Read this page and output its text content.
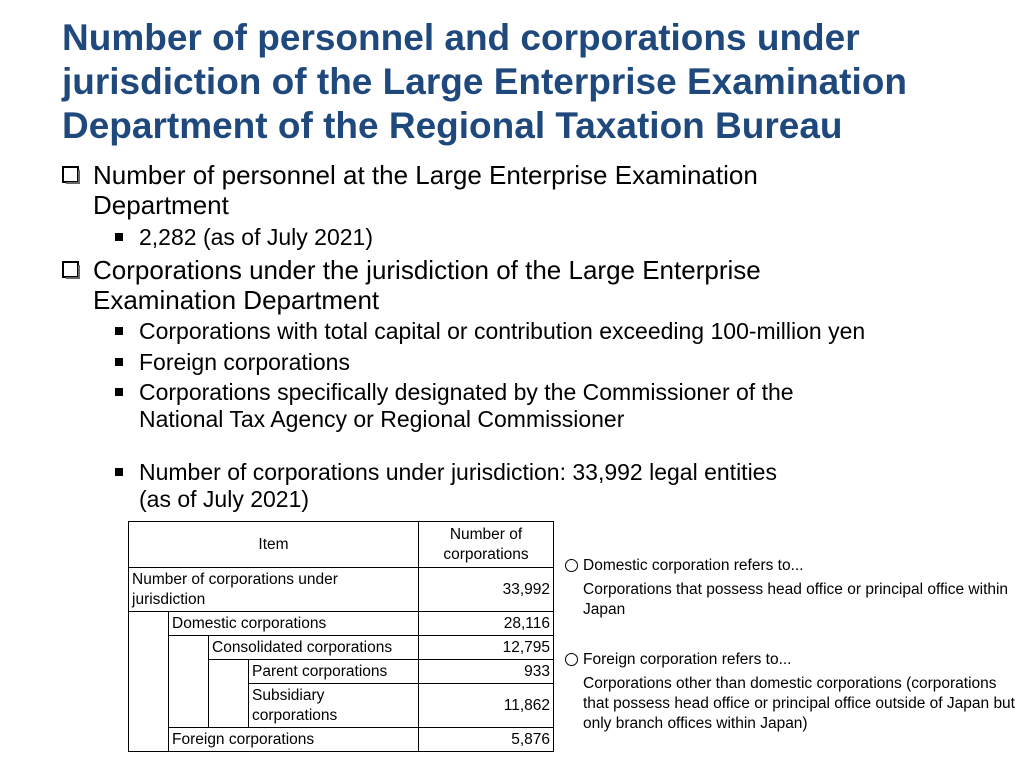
Number of personnel and corporations under
jurisdiction of the Large Enterprise Examination
Department of the Regional Taxation Bureau
Number of personnel at the Large Enterprise Examination
Department
2,282 (as of July 2021)
Corporations under the jurisdiction of the Large Enterprise
Examination Department
Corporations with total capital or contribution exceeding 100-million yen
Foreign corporations
Corporations specifically designated by the Commissioner of the
National Tax Agency or Regional Commissioner
Number of corporations under jurisdiction: 33,992 legal entities
(as of July 2021)
Item				Number of
corporations

Number of corporations under
jurisdiction				33,992
	Domestic corporations			28,116
		Consolidated corporations		12,795
			Parent corporations	933

			Subsidiary
corporations	11,862
	Foreign corporations			5,876
Domestic corporation refers to...
Corporations that possess head office or principal office within Japan
Foreign corporation refers to...
Corporations other than domestic corporations (corporations that possess head office or principal office outside of Japan but only branch offices within Japan)
